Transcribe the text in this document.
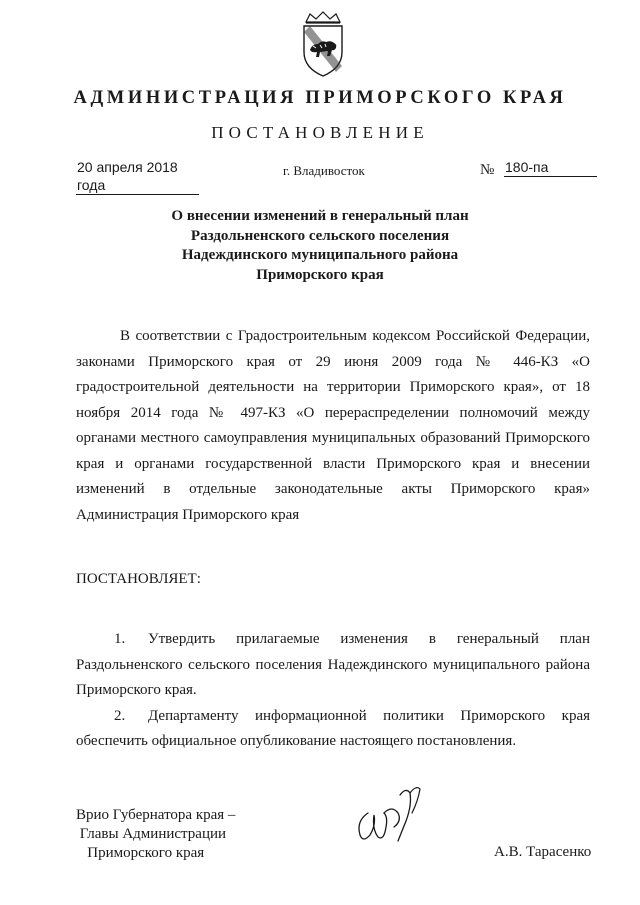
АДМИНИСТРАЦИЯ ПРИМОРСКОГО КРАЯ
ПОСТАНОВЛЕНИЕ
20 апреля 2018 года
г. Владивосток	№ 180-па
О внесении изменений в генеральный план
Раздольненского сельского поселения
Надеждинского муниципального района
Приморского края

В соответствии с Градостроительным кодексом Российской Федерации, законами Приморского края от 29 июня 2009 года № 446-КЗ «О градостроительной деятельности на территории Приморского края», от 18 ноября 2014 года № 497-КЗ «О перераспределении полномочий между органами местного самоуправления муниципальных образований Приморского края и органами государственной власти Приморского края и внесении изменений в отдельные законодательные акты Приморского края» Администрация Приморского края

ПОСТАНОВЛЯЕТ:

1. Утвердить прилагаемые изменения в генеральный план Раздольненского сельского поселения Надеждинского муниципального района Приморского края.

2. Департаменту информационной политики Приморского края обеспечить официальное опубликование настоящего постановления.

Врио Губернатора края –
Главы Администрации
Приморского края	А.В. Тарасенко
